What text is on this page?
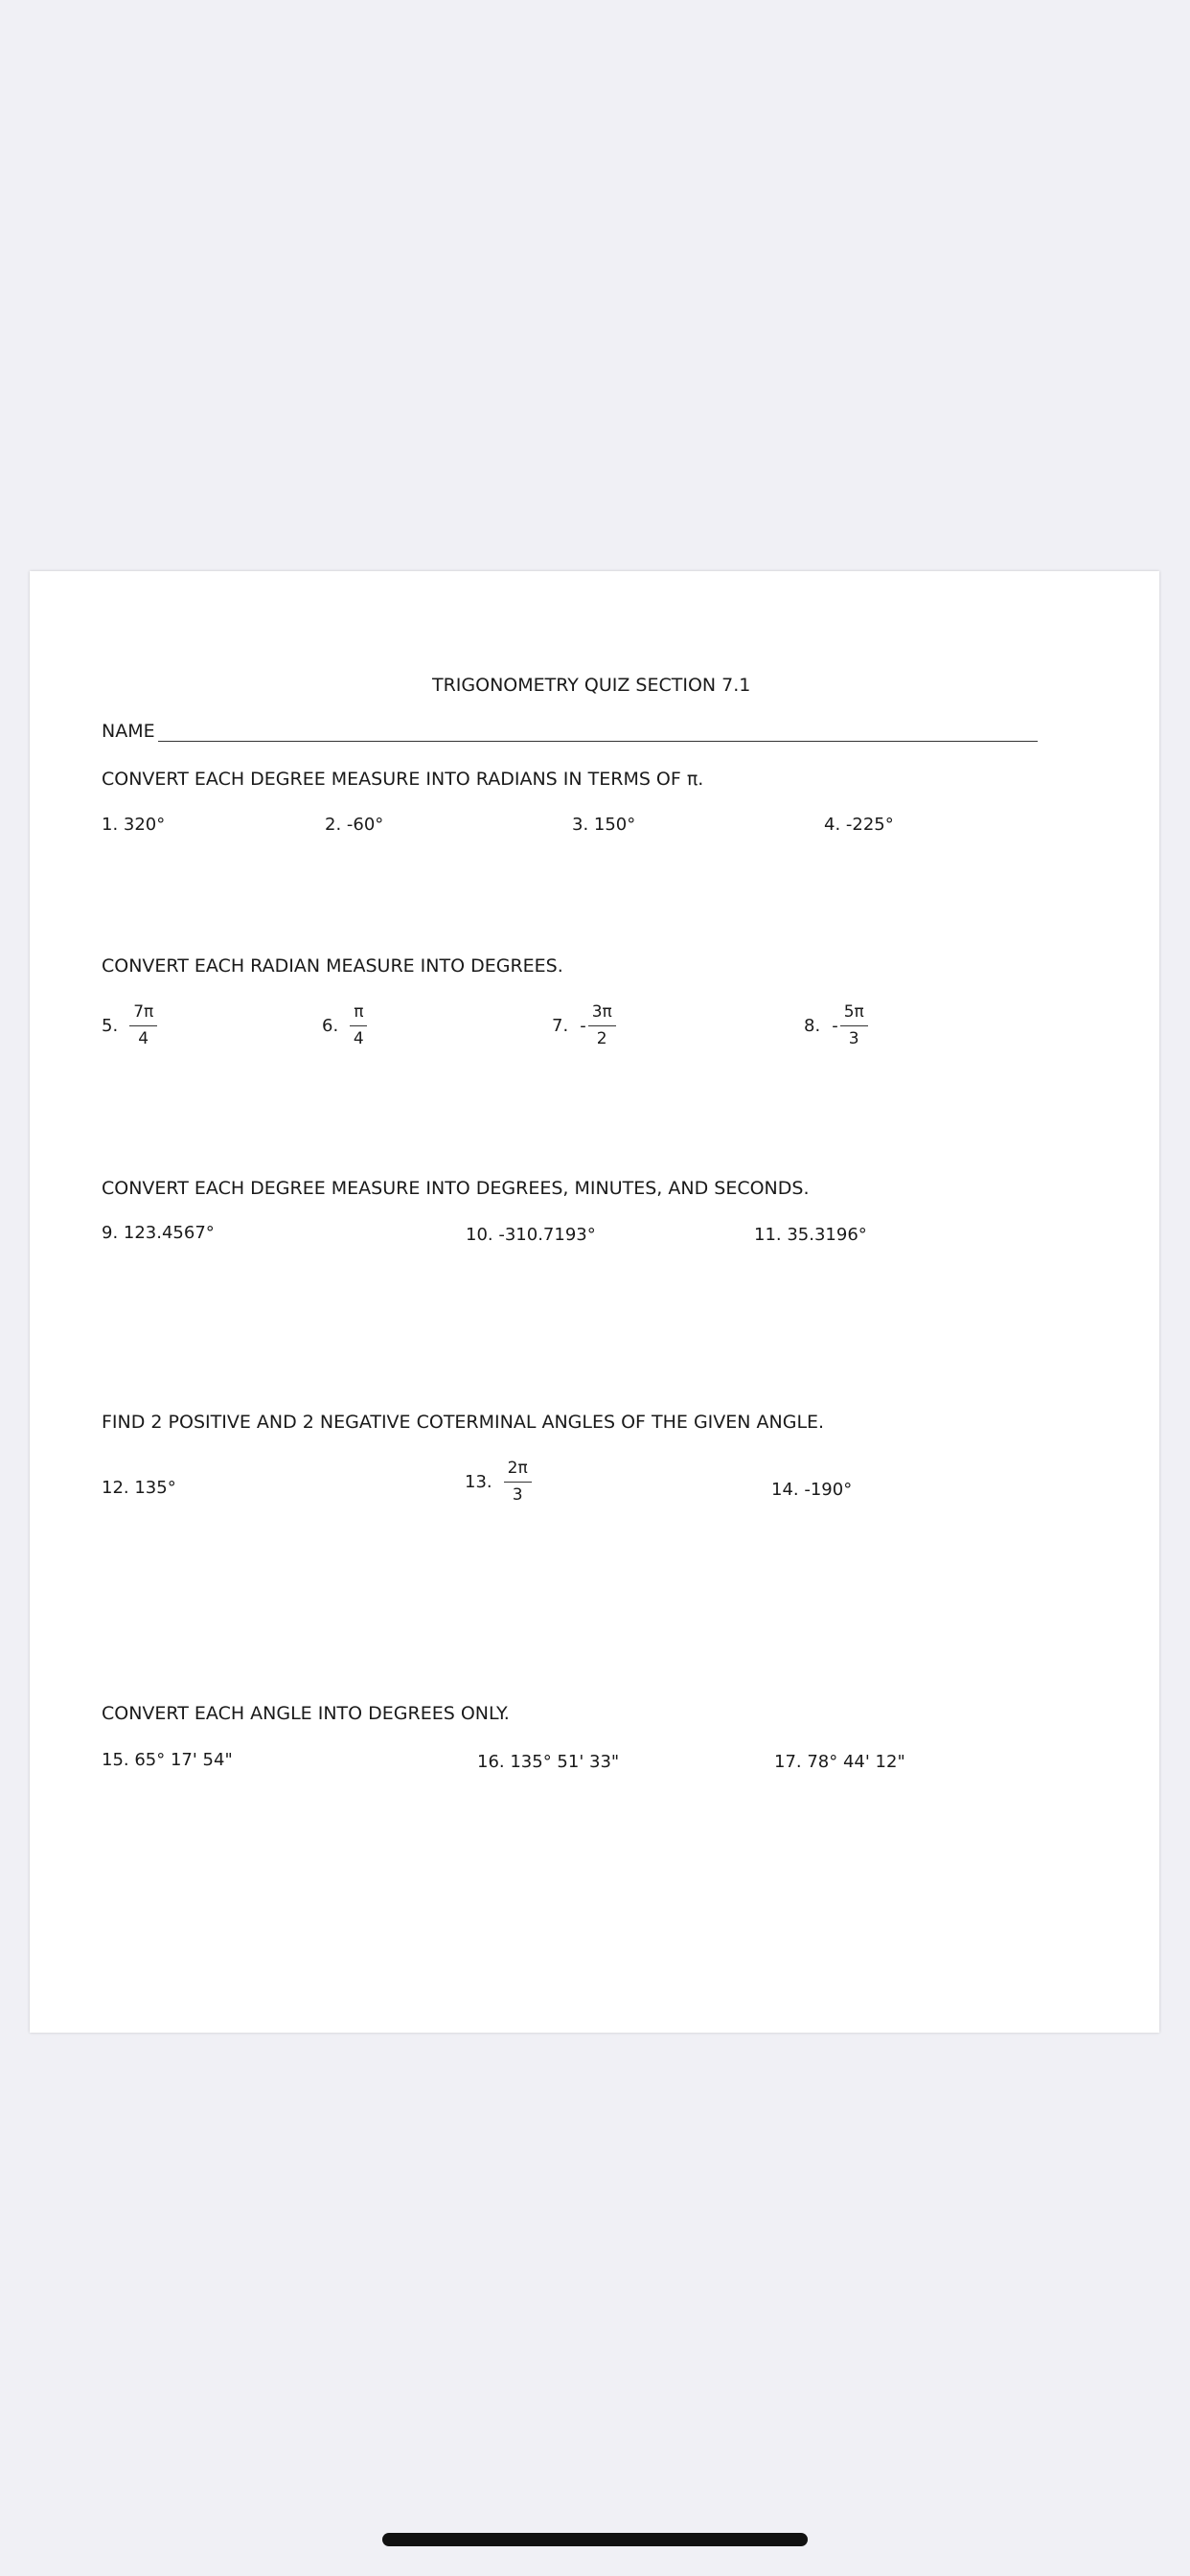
TRIGONOMETRY QUIZ SECTION 7.1
NAME
CONVERT EACH DEGREE MEASURE INTO RADIANS IN TERMS OF π.
1. 320°	2. -60°	3. 150°	4. -225°
CONVERT EACH RADIAN MEASURE INTO DEGREES.
5. $\frac{7\pi}{4}$	6. $\frac{\pi}{4}$	7. - $\frac{3\pi}{2}$	8. - $\frac{5\pi}{3}$
CONVERT EACH DEGREE MEASURE INTO DEGREES, MINUTES, AND SECONDS.
9. 123.4567°	10. -310.7193°	11. 35.3196°
FIND 2 POSITIVE AND 2 NEGATIVE COTERMINAL ANGLES OF THE GIVEN ANGLE.
12. 135°	13. $\frac{2\pi}{3}$	14. -190°
CONVERT EACH ANGLE INTO DEGREES ONLY.
15. 65° 17' 54"	16. 135° 51' 33"	17. 78° 44' 12"
